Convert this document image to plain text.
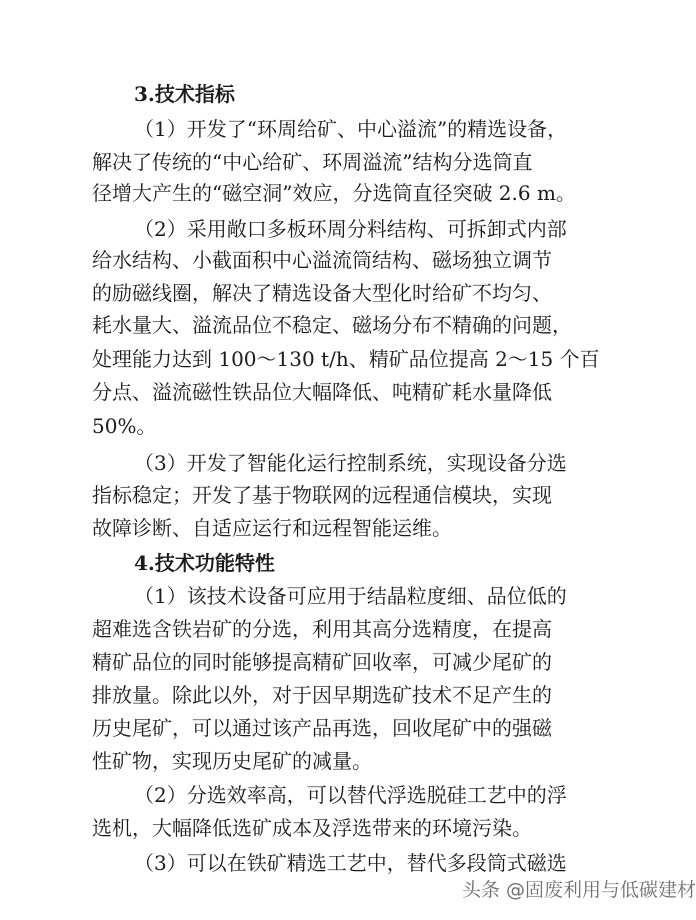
3.技术指标
（1）开发了“环周给矿、中心溢流”的精选设备，
解决了传统的“中心给矿、环周溢流”结构分选筒直
径增大产生的“磁空洞”效应，分选筒直径突破 2.6 m。
（2）采用敞口多板环周分料结构、可拆卸式内部
给水结构、小截面积中心溢流筒结构、磁场独立调节
的励磁线圈，解决了精选设备大型化时给矿不均匀、
耗水量大、溢流品位不稳定、磁场分布不精确的问题，
处理能力达到 100～130 t/h、精矿品位提高 2～15 个百
分点、溢流磁性铁品位大幅降低、吨精矿耗水量降低
50%。
（3）开发了智能化运行控制系统，实现设备分选
指标稳定；开发了基于物联网的远程通信模块，实现
故障诊断、自适应运行和远程智能运维。
4.技术功能特性
（1）该技术设备可应用于结晶粒度细、品位低的
超难选含铁岩矿的分选，利用其高分选精度，在提高
精矿品位的同时能够提高精矿回收率，可减少尾矿的
排放量。除此以外，对于因早期选矿技术不足产生的
历史尾矿，可以通过该产品再选，回收尾矿中的强磁
性矿物，实现历史尾矿的减量。
（2）分选效率高，可以替代浮选脱硅工艺中的浮
选机，大幅降低选矿成本及浮选带来的环境污染。
（3）可以在铁矿精选工艺中，替代多段筒式磁选
头条 @固废利用与低碳建材
